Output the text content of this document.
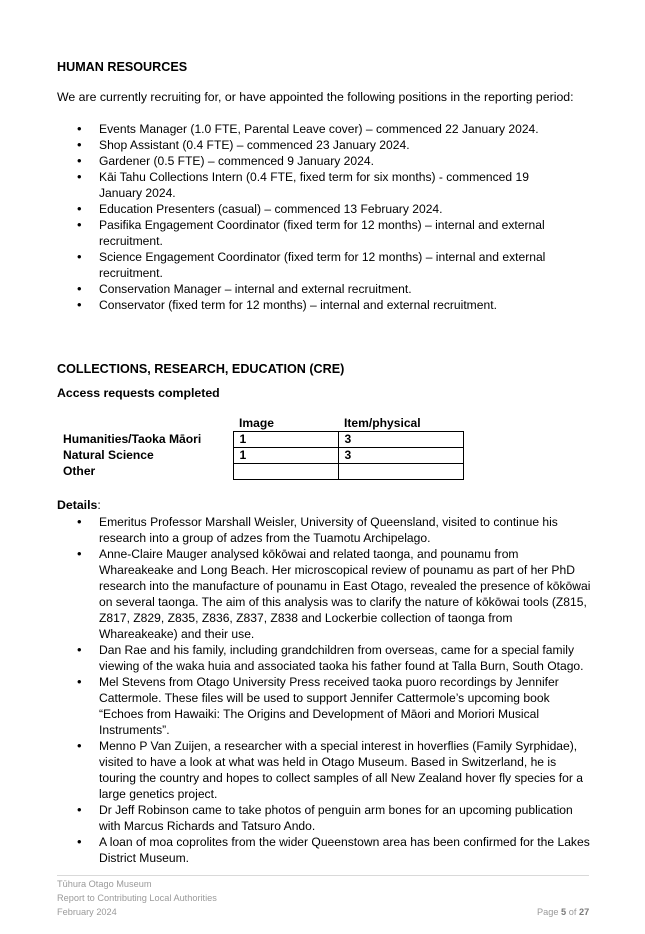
HUMAN RESOURCES
We are currently recruiting for, or have appointed the following positions in the reporting period:
• Events Manager (1.0 FTE, Parental Leave cover) – commenced 22 January 2024.
• Shop Assistant (0.4 FTE) – commenced 23 January 2024.
• Gardener (0.5 FTE) – commenced 9 January 2024.
• Kāi Tahu Collections Intern (0.4 FTE, fixed term for six months) - commenced 19 January 2024.
• Education Presenters (casual) – commenced 13 February 2024.
• Pasifika Engagement Coordinator (fixed term for 12 months) – internal and external recruitment.
• Science Engagement Coordinator (fixed term for 12 months) – internal and external recruitment.
• Conservation Manager – internal and external recruitment.
• Conservator (fixed term for 12 months) – internal and external recruitment.
COLLECTIONS, RESEARCH, EDUCATION (CRE)
Access requests completed
	Image	Item/physical
Humanities/Taoka Māori	1	3
Natural Science	1	3
Other		
Details:
• Emeritus Professor Marshall Weisler, University of Queensland, visited to continue his research into a group of adzes from the Tuamotu Archipelago.
• Anne-Claire Mauger analysed kōkōwai and related taonga, and pounamu from Whareakeake and Long Beach. Her microscopical review of pounamu as part of her PhD research into the manufacture of pounamu in East Otago, revealed the presence of kōkōwai on several taonga. The aim of this analysis was to clarify the nature of kōkōwai tools (Z815, Z817, Z829, Z835, Z836, Z837, Z838 and Lockerbie collection of taonga from Whareakeake) and their use.
• Dan Rae and his family, including grandchildren from overseas, came for a special family viewing of the waka huia and associated taoka his father found at Talla Burn, South Otago.
• Mel Stevens from Otago University Press received taoka puoro recordings by Jennifer Cattermole. These files will be used to support Jennifer Cattermole’s upcoming book “Echoes from Hawaiki: The Origins and Development of Māori and Moriori Musical Instruments”.
• Menno P Van Zuijen, a researcher with a special interest in hoverflies (Family Syrphidae), visited to have a look at what was held in Otago Museum. Based in Switzerland, he is touring the country and hopes to collect samples of all New Zealand hover fly species for a large genetics project.
• Dr Jeff Robinson came to take photos of penguin arm bones for an upcoming publication with Marcus Richards and Tatsuro Ando.
• A loan of moa coprolites from the wider Queenstown area has been confirmed for the Lakes District Museum.
Tūhura Otago Museum
Report to Contributing Local Authorities
February 2024	Page 5 of 27
